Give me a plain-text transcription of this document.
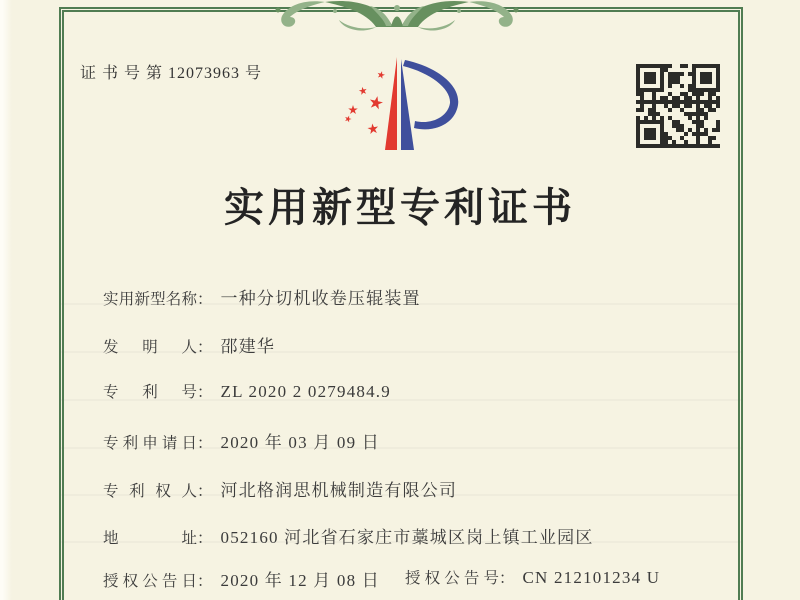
证 书 号 第 12073963 号
实用新型专利证书
实用新型名称： 一种分切机收卷压辊装置
发明人： 邵建华
专利号： ZL 2020 2 0279484.9
专利申请日： 2020 年 03 月 09 日
专利权人： 河北格润思机械制造有限公司
地址： 052160 河北省石家庄市藁城区岗上镇工业园区
授权公告日： 2020 年 12 月 08 日 授权公告号： CN 212101234 U
